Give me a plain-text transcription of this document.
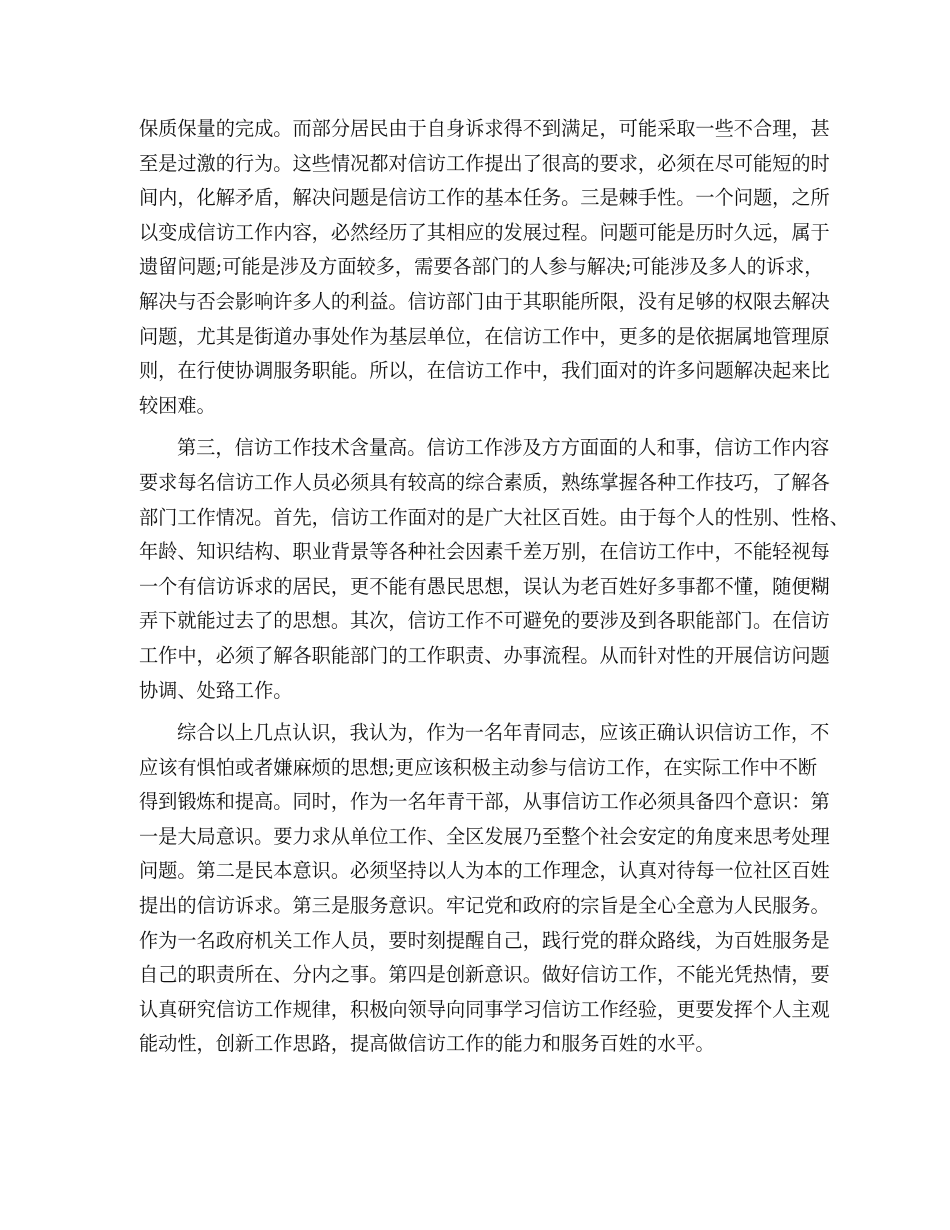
保质保量的完成。而部分居民由于自身诉求得不到满足，可能采取一些不合理，甚
至是过激的行为。这些情况都对信访工作提出了很高的要求，必须在尽可能短的时
间内，化解矛盾，解决问题是信访工作的基本任务。三是棘手性。一个问题，之所
以变成信访工作内容，必然经历了其相应的发展过程。问题可能是历时久远，属于
遗留问题;可能是涉及方面较多，需要各部门的人参与解决;可能涉及多人的诉求，
解决与否会影响许多人的利益。信访部门由于其职能所限，没有足够的权限去解决
问题，尤其是街道办事处作为基层单位，在信访工作中，更多的是依据属地管理原
则，在行使协调服务职能。所以，在信访工作中，我们面对的许多问题解决起来比
较困难。
第三，信访工作技术含量高。信访工作涉及方方面面的人和事，信访工作内容
要求每名信访工作人员必须具有较高的综合素质，熟练掌握各种工作技巧，了解各
部门工作情况。首先，信访工作面对的是广大社区百姓。由于每个人的性别、性格、
年龄、知识结构、职业背景等各种社会因素千差万别，在信访工作中，不能轻视每
一个有信访诉求的居民，更不能有愚民思想，误认为老百姓好多事都不懂，随便糊
弄下就能过去了的思想。其次，信访工作不可避免的要涉及到各职能部门。在信访
工作中，必须了解各职能部门的工作职责、办事流程。从而针对性的开展信访问题
协调、处臵工作。
综合以上几点认识，我认为，作为一名年青同志，应该正确认识信访工作，不
应该有惧怕或者嫌麻烦的思想;更应该积极主动参与信访工作，在实际工作中不断
得到锻炼和提高。同时，作为一名年青干部，从事信访工作必须具备四个意识：第
一是大局意识。要力求从单位工作、全区发展乃至整个社会安定的角度来思考处理
问题。第二是民本意识。必须坚持以人为本的工作理念，认真对待每一位社区百姓
提出的信访诉求。第三是服务意识。牢记党和政府的宗旨是全心全意为人民服务。
作为一名政府机关工作人员，要时刻提醒自己，践行党的群众路线，为百姓服务是
自己的职责所在、分内之事。第四是创新意识。做好信访工作，不能光凭热情，要
认真研究信访工作规律，积极向领导向同事学习信访工作经验，更要发挥个人主观
能动性，创新工作思路，提高做信访工作的能力和服务百姓的水平。
